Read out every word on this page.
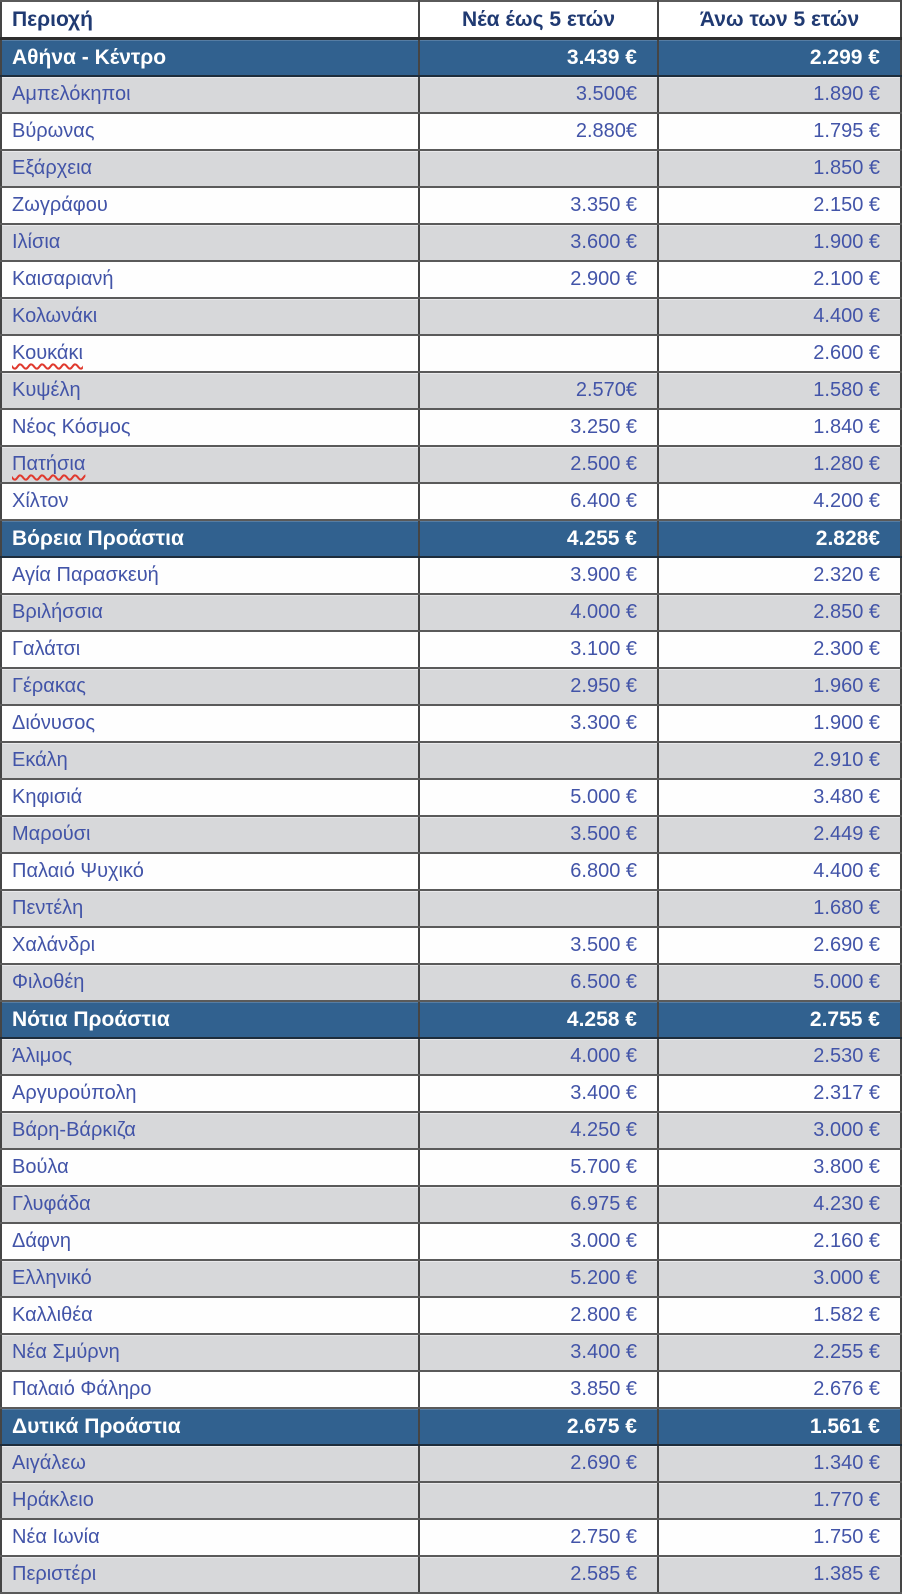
Περιοχή	Νέα έως 5 ετών	Άνω των 5 ετών
Αθήνα - Κέντρο	3.439 €	2.299 €
Αμπελόκηποι	3.500€	1.890 €
Βύρωνας	2.880€	1.795 €
Εξάρχεια		1.850 €
Ζωγράφου	3.350 €	2.150 €
Ιλίσια	3.600 €	1.900 €
Καισαριανή	2.900 €	2.100 €
Κολωνάκι		4.400 €
Κουκάκι		2.600 €
Κυψέλη	2.570€	1.580 €
Νέος Κόσμος	3.250 €	1.840 €
Πατήσια	2.500 €	1.280 €
Χίλτον	6.400 €	4.200 €
Βόρεια Προάστια	4.255 €	2.828€
Αγία Παρασκευή	3.900 €	2.320 €
Βριλήσσια	4.000 €	2.850 €
Γαλάτσι	3.100 €	2.300 €
Γέρακας	2.950 €	1.960 €
Διόνυσος	3.300 €	1.900 €
Εκάλη		2.910 €
Κηφισιά	5.000 €	3.480 €
Μαρούσι	3.500 €	2.449 €
Παλαιό Ψυχικό	6.800 €	4.400 €
Πεντέλη		1.680 €
Χαλάνδρι	3.500 €	2.690 €
Φιλοθέη	6.500 €	5.000 €
Νότια Προάστια	4.258 €	2.755 €
Άλιμος	4.000 €	2.530 €
Αργυρούπολη	3.400 €	2.317 €
Βάρη-Βάρκιζα	4.250 €	3.000 €
Βούλα	5.700 €	3.800 €
Γλυφάδα	6.975 €	4.230 €
Δάφνη	3.000 €	2.160 €
Ελληνικό	5.200 €	3.000 €
Καλλιθέα	2.800 €	1.582 €
Νέα Σμύρνη	3.400 €	2.255 €
Παλαιό Φάληρο	3.850 €	2.676 €
Δυτικά Προάστια	2.675 €	1.561 €
Αιγάλεω	2.690 €	1.340 €
Ηράκλειο		1.770 €
Νέα Ιωνία	2.750 €	1.750 €
Περιστέρι	2.585 €	1.385 €
